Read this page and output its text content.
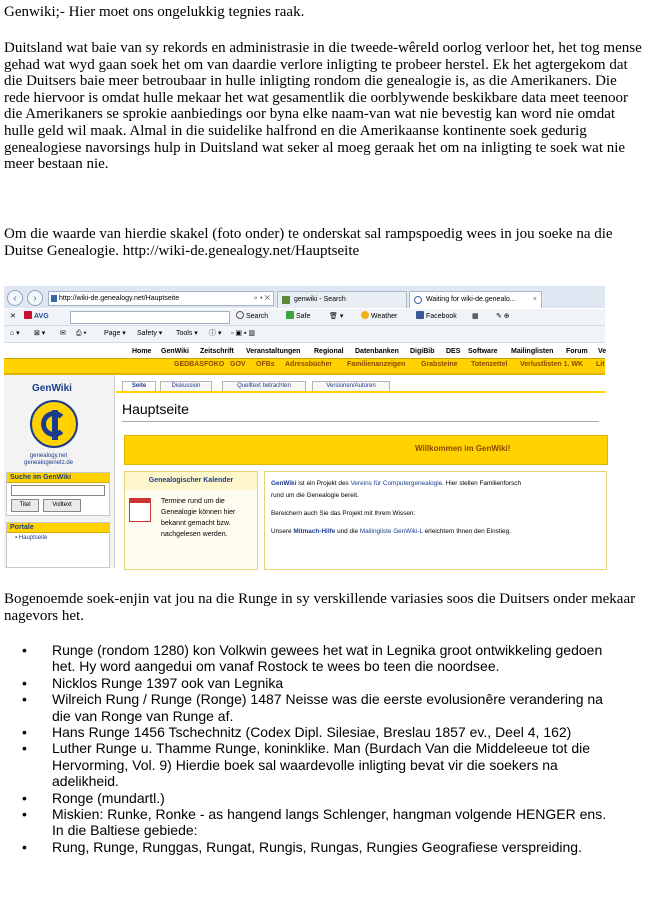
Genwiki;- Hier moet ons ongelukkig tegnies raak.

Duitsland wat baie van sy rekords en administrasie in die tweede-wêreld oorlog verloor het, het tog mense gehad wat wyd gaan soek het om van daardie verlore inligting te probeer herstel. Ek het agtergekom dat die Duitsers baie meer betroubaar in hulle inligting rondom die genealogie is, as die Amerikaners. Die rede hiervoor is omdat hulle mekaar het wat gesamentlik die oorblywende beskikbare data meet teenoor die Amerikaners se sprokie aanbiedings oor byna elke naam-van wat nie bevestig kan word nie omdat hulle geld wil maak. Almal in die suidelike halfrond en die Amerikaanse kontinente soek gedurig genealogiese navorsings hulp in Duitsland wat seker al moeg geraak het om na inligting te soek wat nie meer bestaan nie.

Om die waarde van hierdie skakel (foto onder) te onderskat sal rampspoedig wees in jou soeke na die Duitse Genealogie. http://wiki-de.genealogy.net/Hauptseite

‹	›	http://wiki-de.genealogy.net/Hauptseite	⌕ ▾ ✕	genwiki - Search	Waiting for wiki-de.genealo... ×
✕	AVG	Search	Safe	🗑 ▾	Weather	Facebook ▦ ✎ ⊕
⌂ ▾ ⊠ ▾ ✉ ⎙ ▾	Page ▾ Safety ▾ Tools ▾ ⓘ ▾ ▫ ▣ ▪ ▥
Home GenWiki Zeitschrift Veranstaltungen Regional Datenbanken DigiBib DES Software Mailinglisten Forum Ve
GEDBAS FOKO GOV OFBs Adressbücher Familienanzeigen Grabsteine Totenzettel Verlustlisten 1. WK Lit
GenWiki
genealogy.net
genealogienetz.de
Suche im GenWiki
Titel	Volltext
Portale
▪ Hauptseite
Seite	Diskussion	Quelltext betrachten	Versionen/Autoren
Hauptseite
Willkommen im GenWiki!
Genealogischer Kalender
Termine rund um die Genealogie können hier bekannt gemacht bzw. nachgelesen werden.
GenWiki ist ein Projekt des Vereins für Computergenealogie. Hier stellen Familienforsch
rund um die Genealogie bereit.
Bereichern auch Sie das Projekt mit Ihrem Wissen:
Unsere Mitmach-Hilfe und die Mailingliste GenWiki-L erleichtern Ihnen den Einstieg.

Bogenoemde soek-enjin vat jou na die Runge in sy verskillende variasies soos die Duitsers onder mekaar nagevors het.

• Runge (rondom 1280) kon Volkwin gewees het wat in Legnika groot ontwikkeling gedoen het. Hy word aangedui om vanaf Rostock te wees bo teen die noordsee.
• Nicklos Runge 1397 ook van Legnika
• Wilreich Rung / Runge (Ronge) 1487 Neisse was die eerste evolusionêre verandering na die van Ronge van Runge af.
• Hans Runge 1456 Tschechnitz (Codex Dipl. Silesiae, Breslau 1857 ev., Deel 4, 162)
• Luther Runge u. Thamme Runge, koninklike. Man (Burdach Van die Middeleeue tot die Hervorming, Vol. 9) Hierdie boek sal waardevolle inligting bevat vir die soekers na adelikheid.
• Ronge (mundartl.)
• Miskien: Runke, Ronke - as hangend langs Schlenger, hangman volgende HENGER ens.
In die Baltiese gebiede:
• Rung, Runge, Runggas, Rungat, Rungis, Rungas, Rungies Geografiese verspreiding.
